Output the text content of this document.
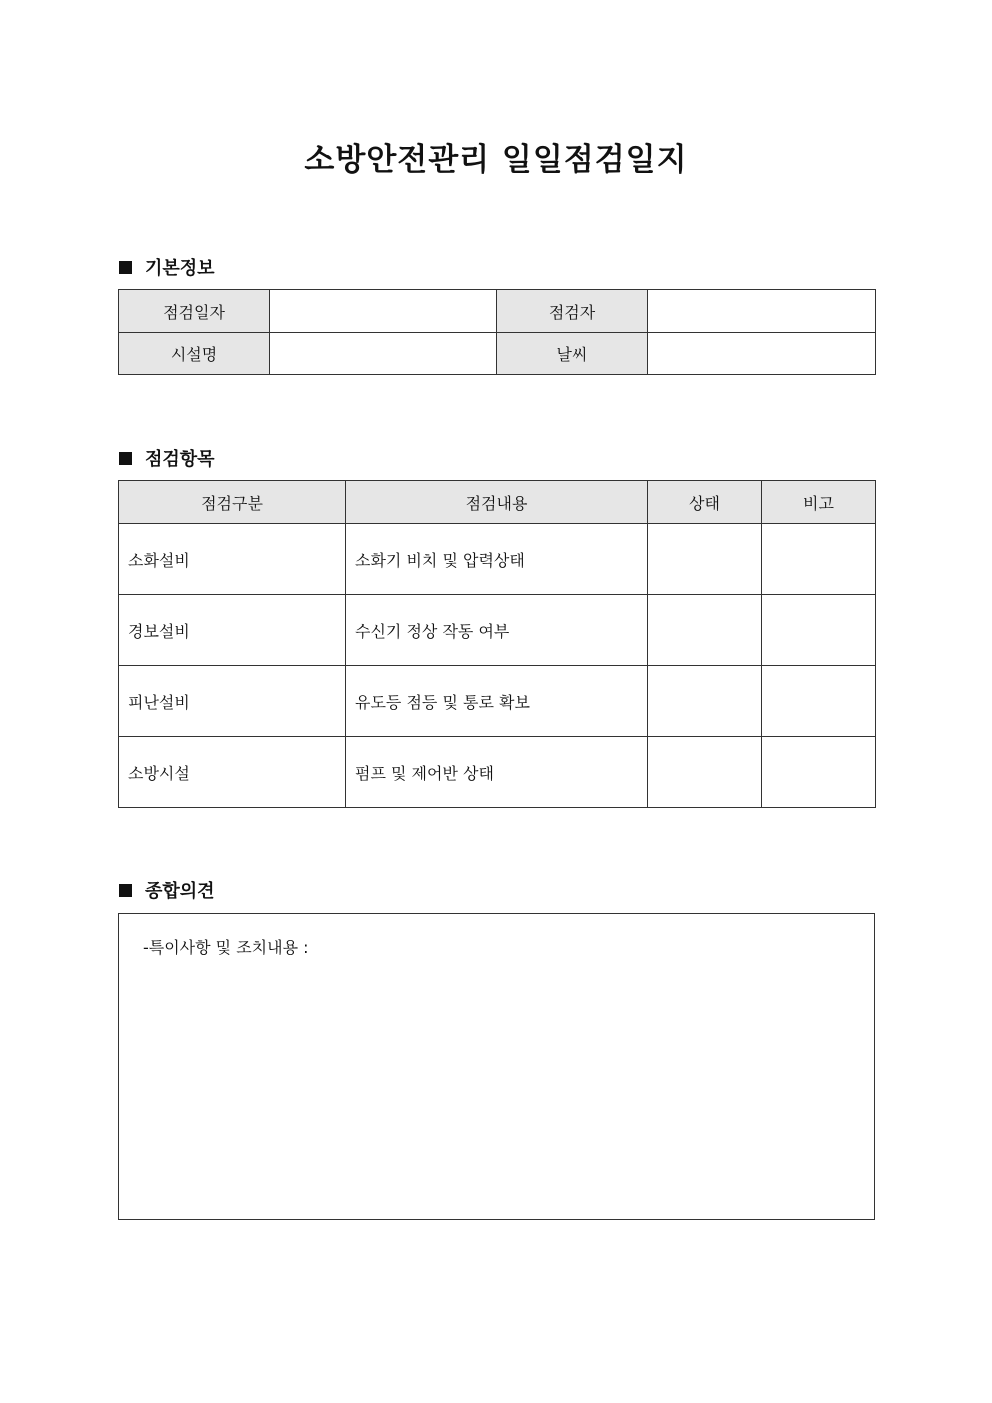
소방안전관리 일일점검일지
기본정보
점검일자		점검자	
시설명		날씨	
점검항목
점검구분	점검내용	상태	비고
소화설비	소화기 비치 및 압력상태		
경보설비	수신기 정상 작동 여부		
피난설비	유도등 점등 및 통로 확보		
소방시설	펌프 및 제어반 상태		
종합의견
-특이사항 및 조치내용 :
